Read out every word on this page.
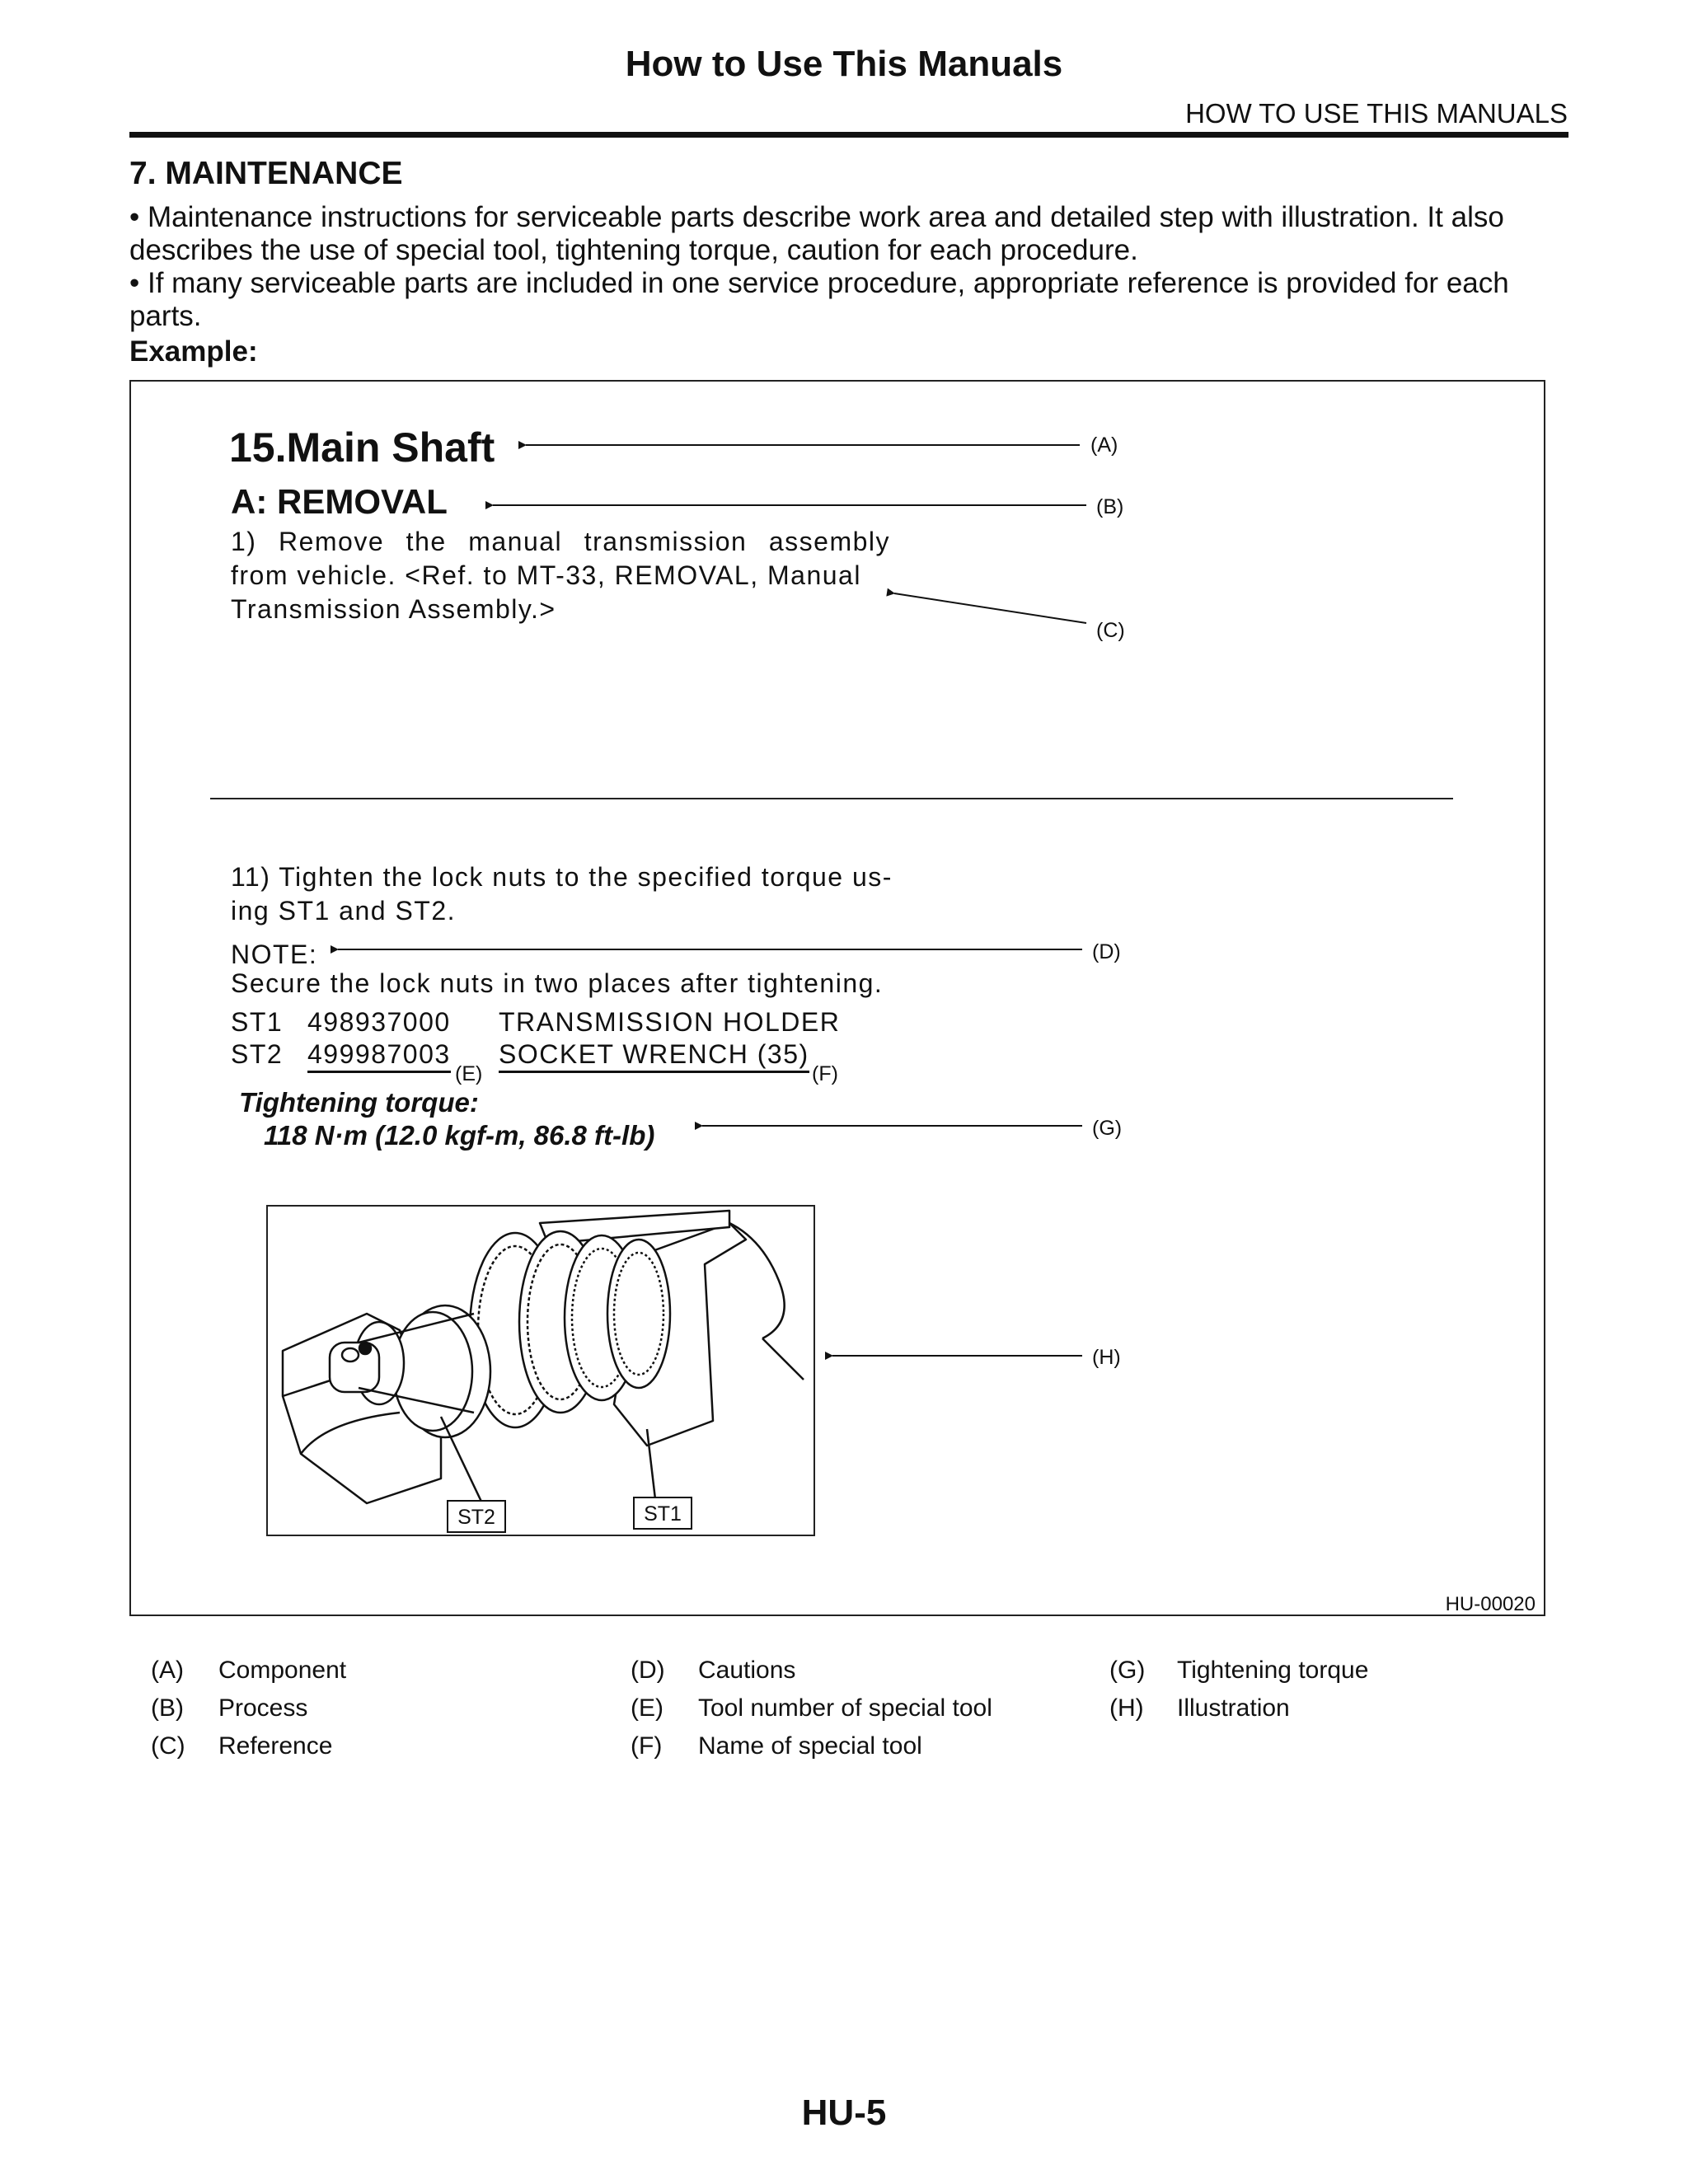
How to Use This Manuals
HOW TO USE THIS MANUALS
7. MAINTENANCE

• Maintenance instructions for serviceable parts describe work area and detailed step with illustration. It also describes the use of special tool, tightening torque, caution for each procedure.

• If many serviceable parts are included in one service procedure, appropriate reference is provided for each parts.

Example:
15.Main Shaft
A: REMOVAL
1) Remove the manual transmission assembly
from vehicle. <Ref. to MT-33, REMOVAL, Manual
Transmission Assembly.>
11) Tighten the lock nuts to the specified torque us-
ing ST1 and ST2.
NOTE:
Secure the lock nuts in two places after tightening.
ST1 498937000 TRANSMISSION HOLDER
ST2 499987003 SOCKET WRENCH (35)
Tightening torque:
118 N·m (12.0 kgf-m, 86.8 ft-lb)
(A)
(B)
(C)
(D)
(E)	(F)
(G)
(H)
ST2	ST1
HU-00020
(A) Component
(B) Process
(C) Reference
(D) Cautions
(E) Tool number of special tool
(F) Name of special tool
(G) Tightening torque
(H) Illustration
HU-5
